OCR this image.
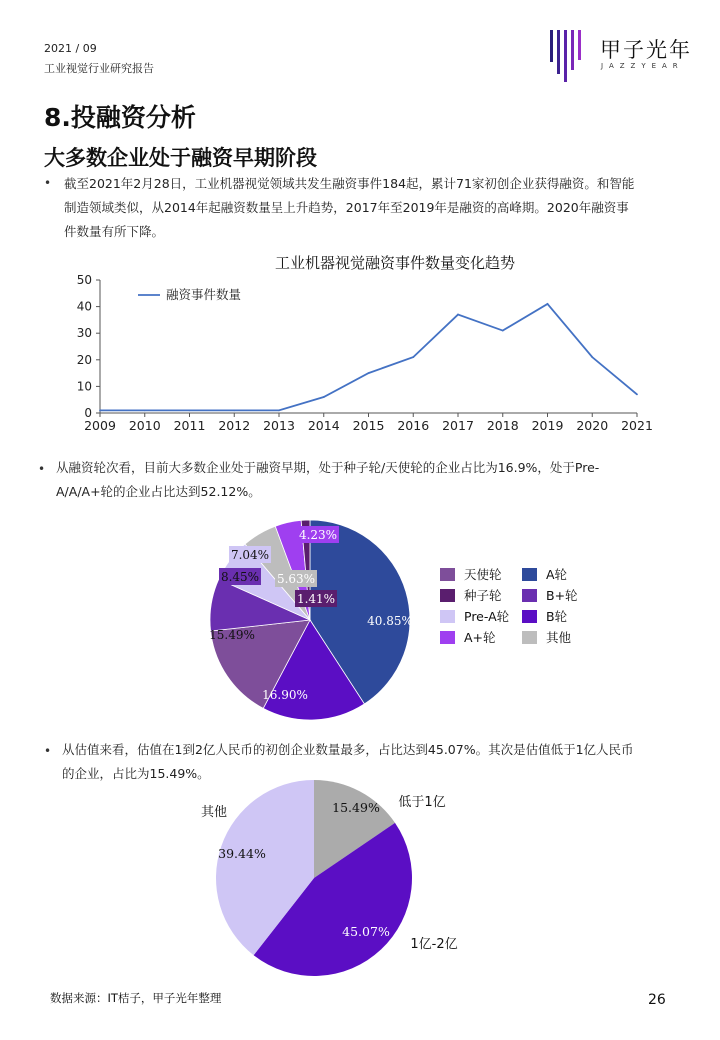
2021 / 09
工业视觉行业研究报告
甲子光年
JAZZYEAR
8.投融资分析
大多数企业处于融资早期阶段
• 截至2021年2月28日，工业机器视觉领域共发生融资事件184起，累计71家初创企业获得融资。和智能
制造领域类似，从2014年起融资数量呈上升趋势，2017年至2019年是融资的高峰期。2020年融资事
件数量有所下降。
工业机器视觉融资事件数量变化趋势
0
10
20
30
40
50
2009 2010 2011 2012 2013 2014 2015 2016 2017 2018 2019 2020 2021
融资事件数量
• 从融资轮次看，目前大多数企业处于融资早期，处于种子轮/天使轮的企业占比为16.9%，处于Pre-
A/A/A+轮的企业占比达到52.12%。
40.85%
16.90%
15.49%
8.45%
7.04%
5.63%
4.23%
1.41%
天使轮	A轮
种子轮	B+轮
Pre-A轮	B轮
A+轮	其他
• 从估值来看，估值在1到2亿人民币的初创企业数量最多，占比达到45.07%。其次是估值低于1亿人民币
的企业，占比为15.49%。
15.49% 低于1亿
45.07%
1亿-2亿
39.44%
其他
数据来源：IT桔子，甲子光年整理	26
